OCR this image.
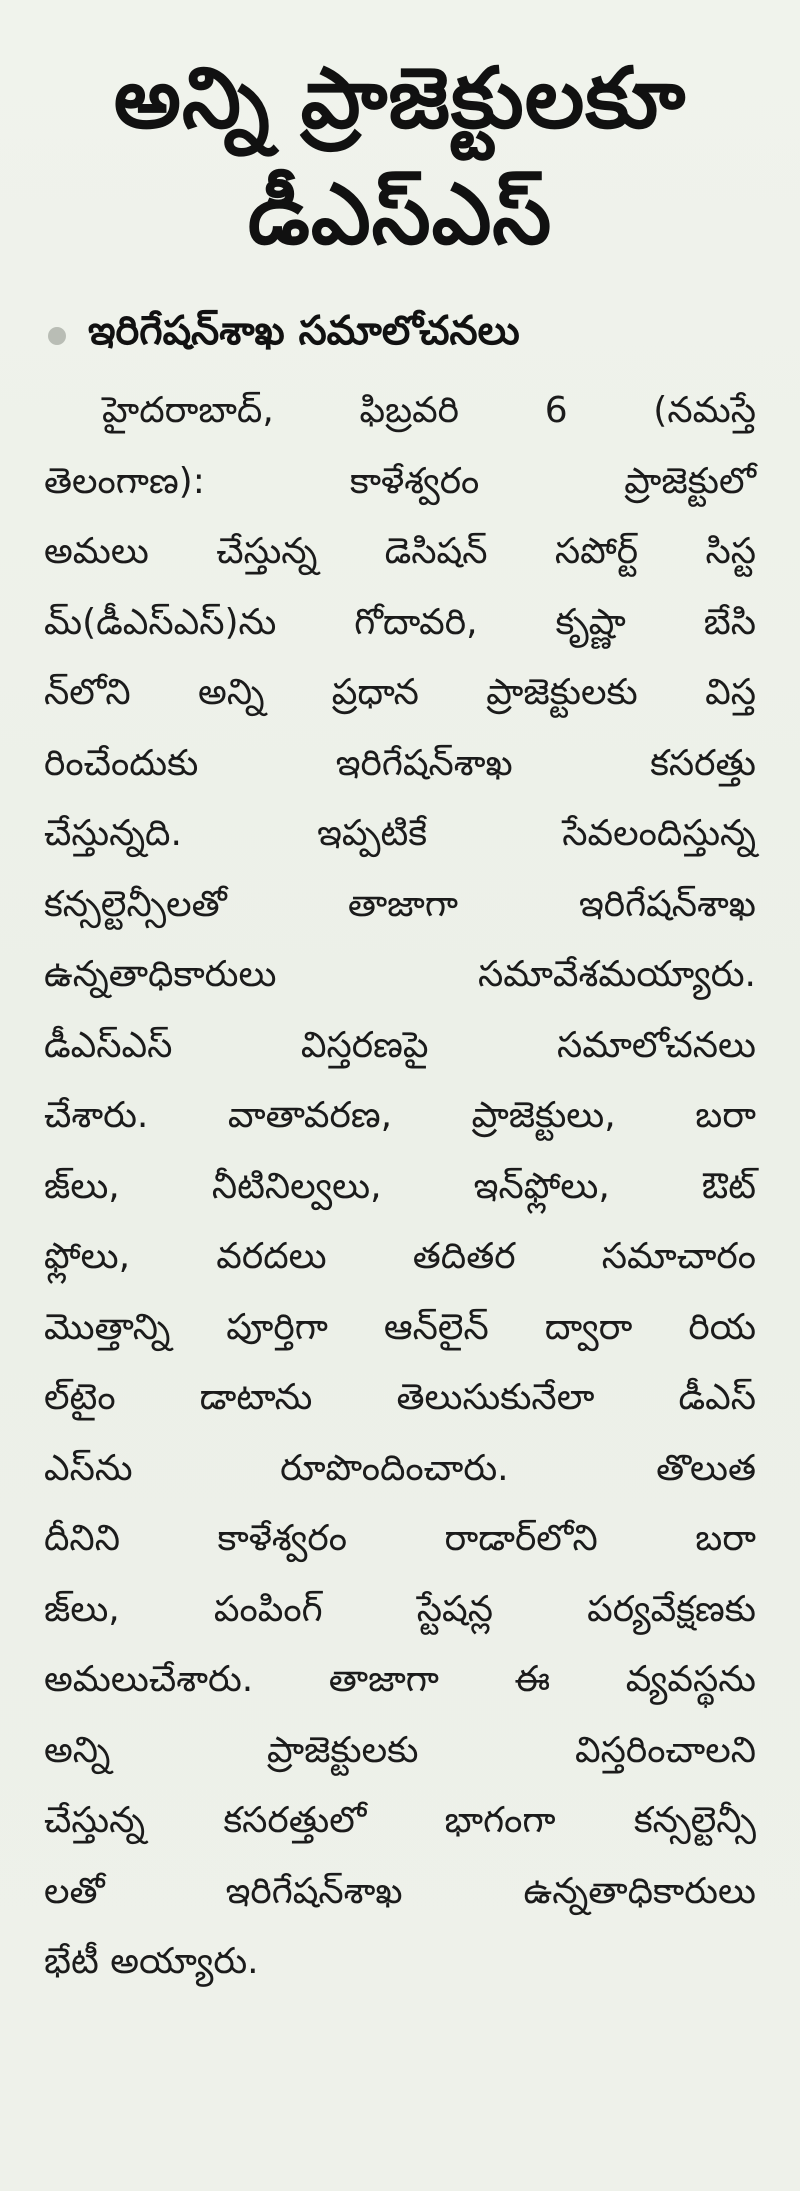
అన్ని ప్రాజెక్టులకూ
డీఎస్ఎస్
ఇరిగేషన్‌శాఖ సమాలోచనలు
హైదరాబాద్, ఫిబ్రవరి 6 (నమస్తే
తెలంగాణ): కాళేశ్వరం ప్రాజెక్టులో
అమలు చేస్తున్న డెసిషన్ సపోర్ట్ సిస్ట
మ్(డీఎస్ఎస్)ను గోదావరి, కృష్ణా బేసి
న్‌లోని అన్ని ప్రధాన ప్రాజెక్టులకు విస్త
రించేందుకు ఇరిగేషన్‌శాఖ కసరత్తు
చేస్తున్నది. ఇప్పటికే సేవలందిస్తున్న
కన్సల్టెన్సీలతో తాజాగా ఇరిగేషన్‌శాఖ
ఉన్నతాధికారులు సమావేశమయ్యారు.
డీఎస్ఎస్ విస్తరణపై సమాలోచనలు
చేశారు. వాతావరణ, ప్రాజెక్టులు, బరా
జ్‌లు, నీటినిల్వలు, ఇన్‌ఫ్లోలు, ఔట్
ఫ్లోలు, వరదలు తదితర సమాచారం
మొత్తాన్ని పూర్తిగా ఆన్‌లైన్ ద్వారా రియ
ల్‌టైం డాటాను తెలుసుకునేలా డీఎస్
ఎస్‌ను రూపొందించారు. తొలుత
దీనిని కాళేశ్వరం రాడార్‌లోని బరా
జ్‌లు, పంపింగ్ స్టేషన్ల పర్యవేక్షణకు
అమలుచేశారు. తాజాగా ఈ వ్యవస్థను
అన్ని ప్రాజెక్టులకు విస్తరించాలని
చేస్తున్న కసరత్తులో భాగంగా కన్సల్టెన్సీ
లతో ఇరిగేషన్‌శాఖ ఉన్నతాధికారులు
భేటీ అయ్యారు.
